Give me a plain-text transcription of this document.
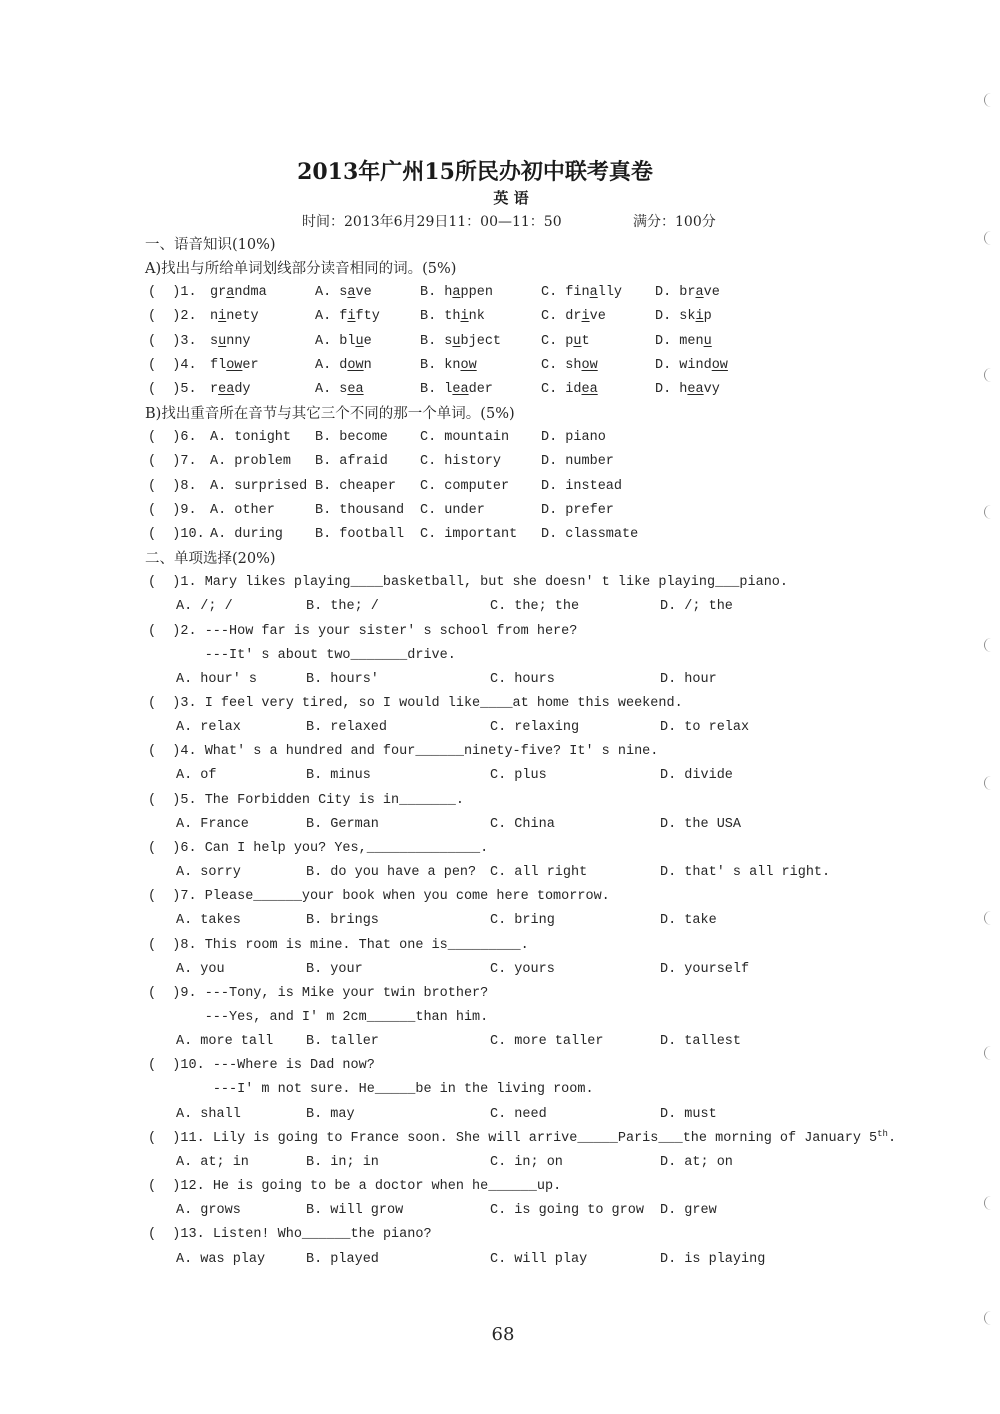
2013年广州15所民办初中联考真卷
英 语
时间：2013年6月29日11：00—11：50	满分：100分
一、语音知识(10%)
A)找出与所给单词划线部分读音相同的词。(5%)
(  )1. grandma	A. save	B. happen	C. finally D. brave
(  )2. ninety	A. fifty	B. think	C. drive	D. skip
(  )3. sunny	A. blue	B. subject	C. put	D. menu
(  )4. flower	A. down	B. know	C. show	D. window
(  )5. ready	A. sea	B. leader	C. idea	D. heavy
B)找出重音所在音节与其它三个不同的那一个单词。(5%)
(  )6. A. tonight B. become C. mountain D. piano
(  )7. A. problem B. afraid C. history	D. number
(  )8. A. surprised B. cheaper C. computer D. instead
(  )9. A. other	B. thousand C. under	D. prefer
(  )10. A. during B. football C. important D. classmate
二、单项选择(20%)
(  )1. Mary likes playing____basketball, but she doesn' t like playing___piano.
A. /; /	B. the; /	C. the; the	D. /; the
(  )2. ---How far is your sister' s school from here?
---It' s about two_______drive.
A. hour' s	B. hours'	C. hours	D. hour
(  )3. I feel very tired, so I would like____at home this weekend.
A. relax	B. relaxed	C. relaxing	D. to relax
(  )4. What' s a hundred and four______ninety-five? It' s nine.
A. of	B. minus	C. plus	D. divide
(  )5. The Forbidden City is in_______.
A. France	B. German	C. China	D. the USA
(  )6. Can I help you? Yes,______________.
A. sorry	B. do you have a pen? C. all right	D. that' s all right.
(  )7. Please______your book when you come here tomorrow.
A. takes	B. brings	C. bring	D. take
(  )8. This room is mine. That one is_________.
A. you	B. your	C. yours	D. yourself
(  )9. ---Tony, is Mike your twin brother?
---Yes, and I' m 2cm______than him.
A. more tall B. taller	C. more taller	D. tallest
(  )10. ---Where is Dad now?
---I' m not sure. He_____be in the living room.
A. shall	B. may	C. need	D. must
(  )11. Lily is going to France soon. She will arrive_____Paris___the morning of January 5th.
A. at; in	B. in; in	C. in; on	D. at; on
(  )12. He is going to be a doctor when he______up.
A. grows	B. will grow	C. is going to grow D. grew
(  )13. Listen! Who______the piano?
A. was play	B. played	C. will play	D. is playing
68
